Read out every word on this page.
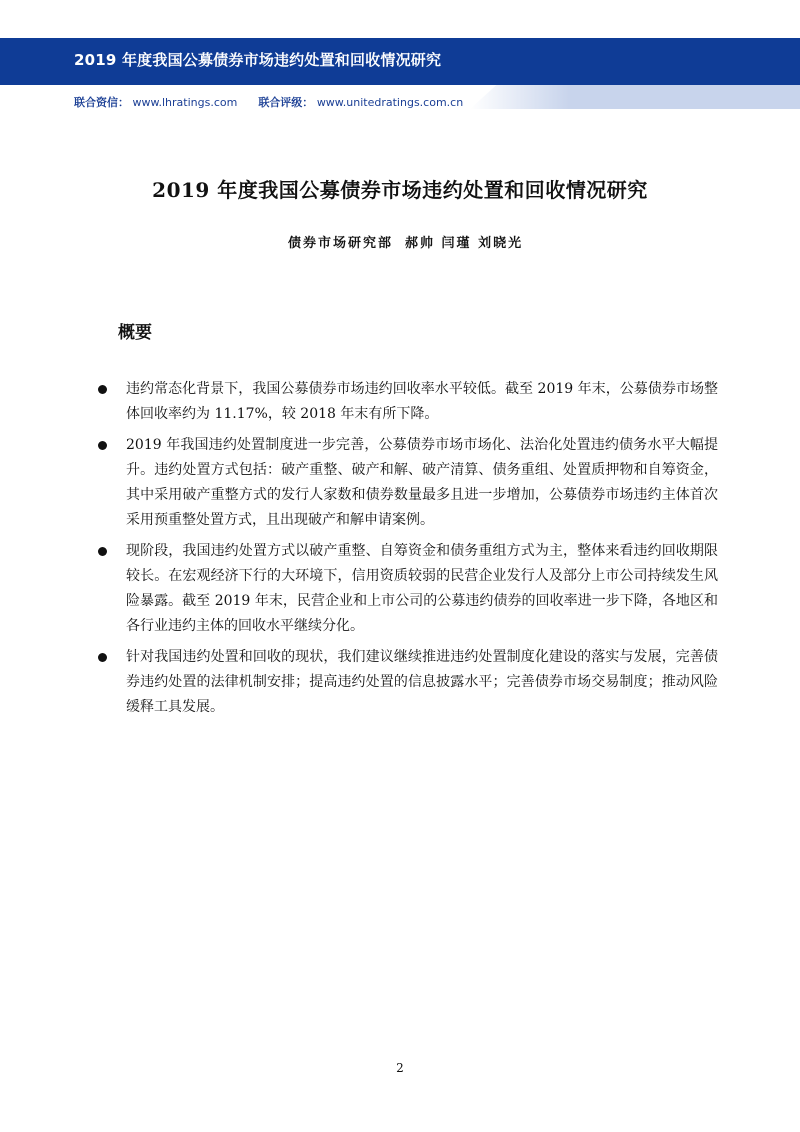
2019 年度我国公募债券市场违约处置和回收情况研究
联合资信： www.lhratings.com 联合评级： www.unitedratings.com.cn
2019 年度我国公募债券市场违约处置和回收情况研究
债券市场研究部 郝帅 闫瑾 刘晓光
概要
违约常态化背景下，我国公募债券市场违约回收率水平较低。截至 2019 年末，公募债券市场整体回收率约为 11.17%，较 2018 年末有所下降。
2019 年我国违约处置制度进一步完善，公募债券市场市场化、法治化处置违约债务水平大幅提升。违约处置方式包括：破产重整、破产和解、破产清算、债务重组、处置质押物和自筹资金，其中采用破产重整方式的发行人家数和债券数量最多且进一步增加，公募债券市场违约主体首次采用预重整处置方式，且出现破产和解申请案例。
现阶段，我国违约处置方式以破产重整、自筹资金和债务重组方式为主，整体来看违约回收期限较长。在宏观经济下行的大环境下，信用资质较弱的民营企业发行人及部分上市公司持续发生风险暴露。截至 2019 年末，民营企业和上市公司的公募违约债券的回收率进一步下降，各地区和各行业违约主体的回收水平继续分化。
针对我国违约处置和回收的现状，我们建议继续推进违约处置制度化建设的落实与发展，完善债券违约处置的法律机制安排；提高违约处置的信息披露水平；完善债券市场交易制度；推动风险缓释工具发展。
2
